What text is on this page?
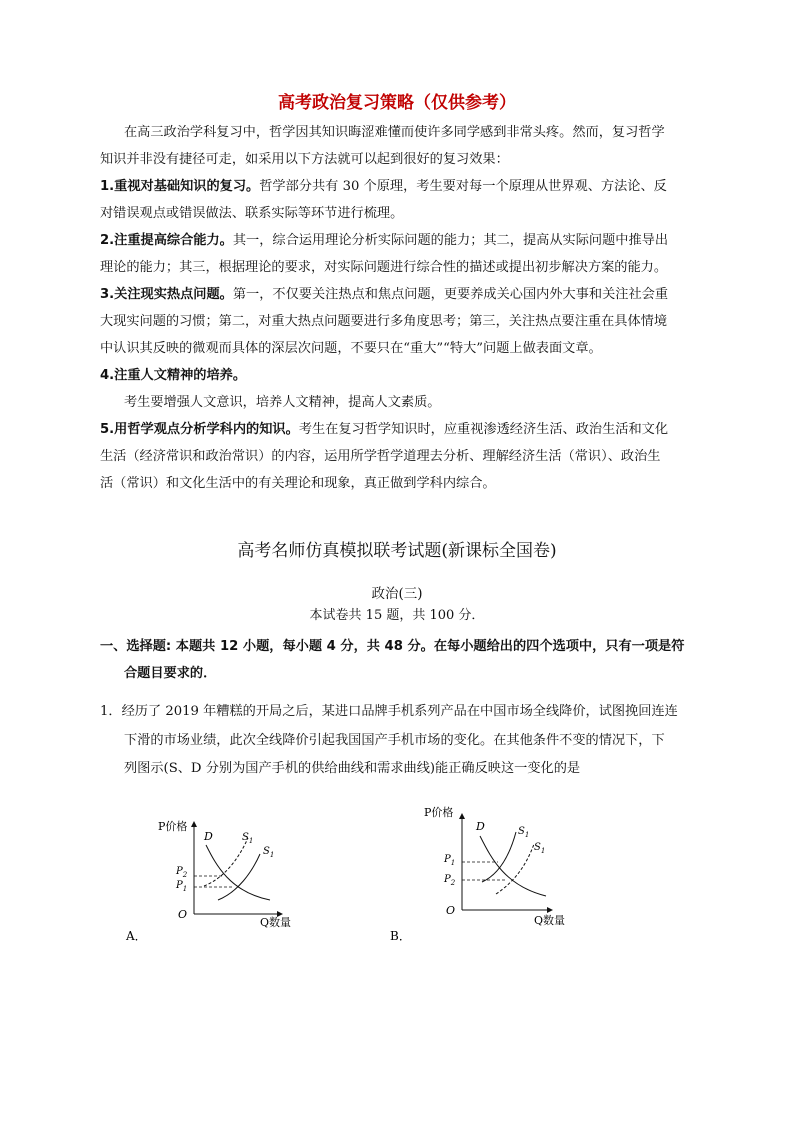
高考政治复习策略（仅供参考）
在高三政治学科复习中，哲学因其知识晦涩难懂而使许多同学感到非常头疼。然而，复习哲学
知识并非没有捷径可走，如采用以下方法就可以起到很好的复习效果：
1.重视对基础知识的复习。哲学部分共有 30 个原理，考生要对每一个原理从世界观、方法论、反
对错误观点或错误做法、联系实际等环节进行梳理。
2.注重提高综合能力。其一，综合运用理论分析实际问题的能力；其二，提高从实际问题中推导出
理论的能力；其三，根据理论的要求，对实际问题进行综合性的描述或提出初步解决方案的能力。
3.关注现实热点问题。第一，不仅要关注热点和焦点问题，更要养成关心国内外大事和关注社会重
大现实问题的习惯；第二，对重大热点问题要进行多角度思考；第三，关注热点要注重在具体情境
中认识其反映的微观而具体的深层次问题，不要只在“重大”“特大”问题上做表面文章。
4.注重人文精神的培养。
考生要增强人文意识，培养人文精神，提高人文素质。
5.用哲学观点分析学科内的知识。考生在复习哲学知识时，应重视渗透经济生活、政治生活和文化
生活（经济常识和政治常识）的内容，运用所学哲学道理去分析、理解经济生活（常识）、政治生
活（常识）和文化生活中的有关理论和现象，真正做到学科内综合。
高考名师仿真模拟联考试题(新课标全国卷)
政治(三)
本试卷共 15 题，共 100 分．
一、选择题: 本题共 12 小题，每小题 4 分，共 48 分。在每小题给出的四个选项中，只有一项是符
合题目要求的．
1．经历了 2019 年糟糕的开局之后，某进口品牌手机系列产品在中国市场全线降价，试图挽回连连
下滑的市场业绩，此次全线降价引起我国国产手机市场的变化。在其他条件不变的情况下，下
列图示(S、D 分别为国产手机的供给曲线和需求曲线)能正确反映这一变化的是
P价格
Q数量
O
D	$S_1$
$S_1$
$P_2$
$P_1$
A．
P价格
Q数量
O
D	$S_1$
$S_1$
$P_1$
$P_2$
B．
